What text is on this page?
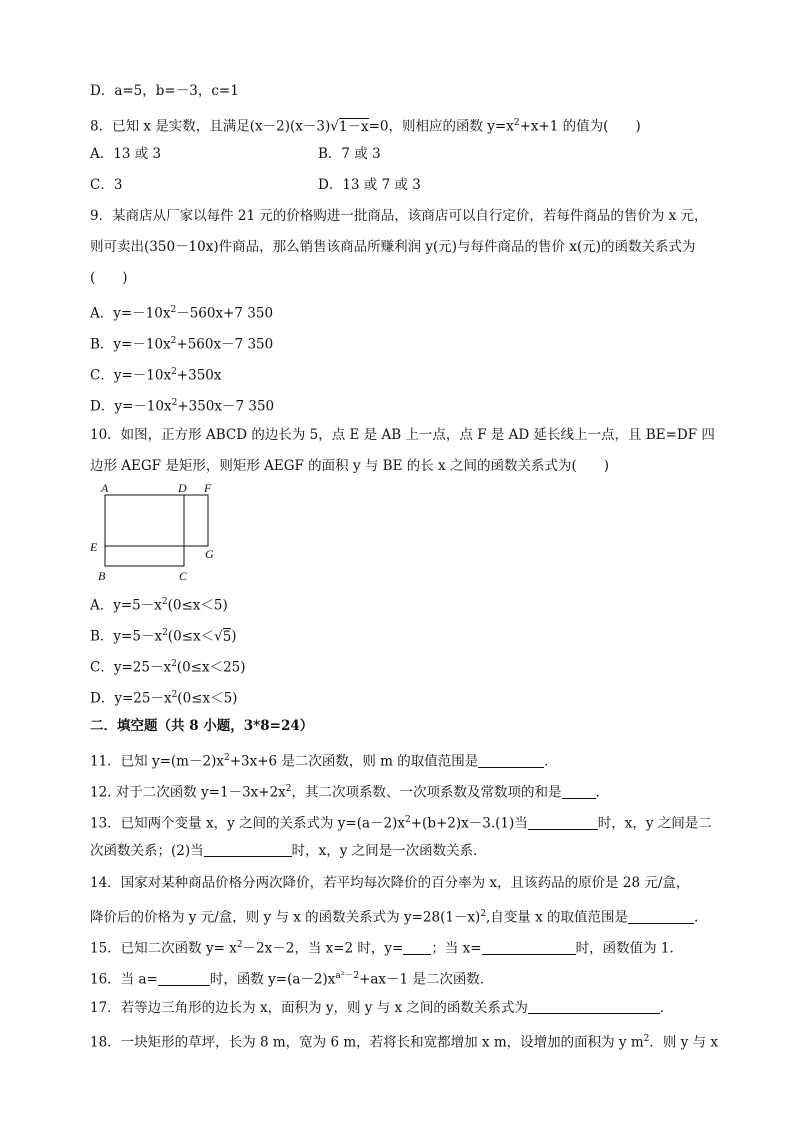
D．a=5，b=－3，c=1
8．已知 x 是实数，且满足(x－2)(x－3)√1－x=0，则相应的函数 $y=x^2+x+1$ 的值为(　　)
A．13 或 3	B．7 或 3
C．3	D．13 或 7 或 3
9．某商店从厂家以每件 21 元的价格购进一批商品，该商店可以自行定价，若每件商品的售价为 x 元，
则可卖出(350－10x)件商品，那么销售该商品所赚利润 y(元)与每件商品的售价 x(元)的函数关系式为
(　　)
A．$y=-10x^2-560x+7$ 350
B．$y=-10x^2+560x-7$ 350
C．$y=-10x^2+350x$
D．$y=-10x^2+350x-7$ 350
10．如图，正方形 ABCD 的边长为 5，点 E 是 AB 上一点，点 F 是 AD 延长线上一点，且 BE=DF 四
边形 AEGF 是矩形，则矩形 AEGF 的面积 y 与 BE 的长 x 之间的函数关系式为(　　)
A	D F
E	G
B	C
A．$y=5-x^2(0\le x<5)$
B．$y=5-x^2(0\le x<√5)$
C．$y=25-x^2(0\le x<25)$
D．$y=25-x^2(0\le x<5)$
二．填空题（共 8 小题，3*8=24）
11．已知 $y=(m-2)x^2+3x+6$ 是二次函数，则 m 的取值范围是	．
12. 对于二次函数 $y=1-3x+2x^2$，其二次项系数、一次项系数及常数项的和是	．
13．已知两个变量 x，y 之间的关系式为 $y=(a-2)x^2+(b+2)x-3.(1)$当	时，x，y 之间是二
次函数关系；(2)当	时，x，y 之间是一次函数关系．
14．国家对某种商品价格分两次降价，若平均每次降价的百分率为 x，且该药品的原价是 28 元/盒，
降价后的价格为 y 元/盒，则 y 与 x 的函数关系式为 $y=28(1-x)^2$,自变量 x 的取值范围是	.
15．已知二次函数 $y= x^2-2x-2$，当 x=2 时，y= ；当 x=	时，函数值为 1.
16．当 a=	时，函数 $y=(a-2)x^{a^2-2}+ax-1$ 是二次函数．
17．若等边三角形的边长为 x，面积为 y，则 y 与 x 之间的函数关系式为	．
18．一块矩形的草坪，长为 8 m，宽为 6 m，若将长和宽都增加 x m，设增加的面积为 y $m^2$．则 y 与 x
